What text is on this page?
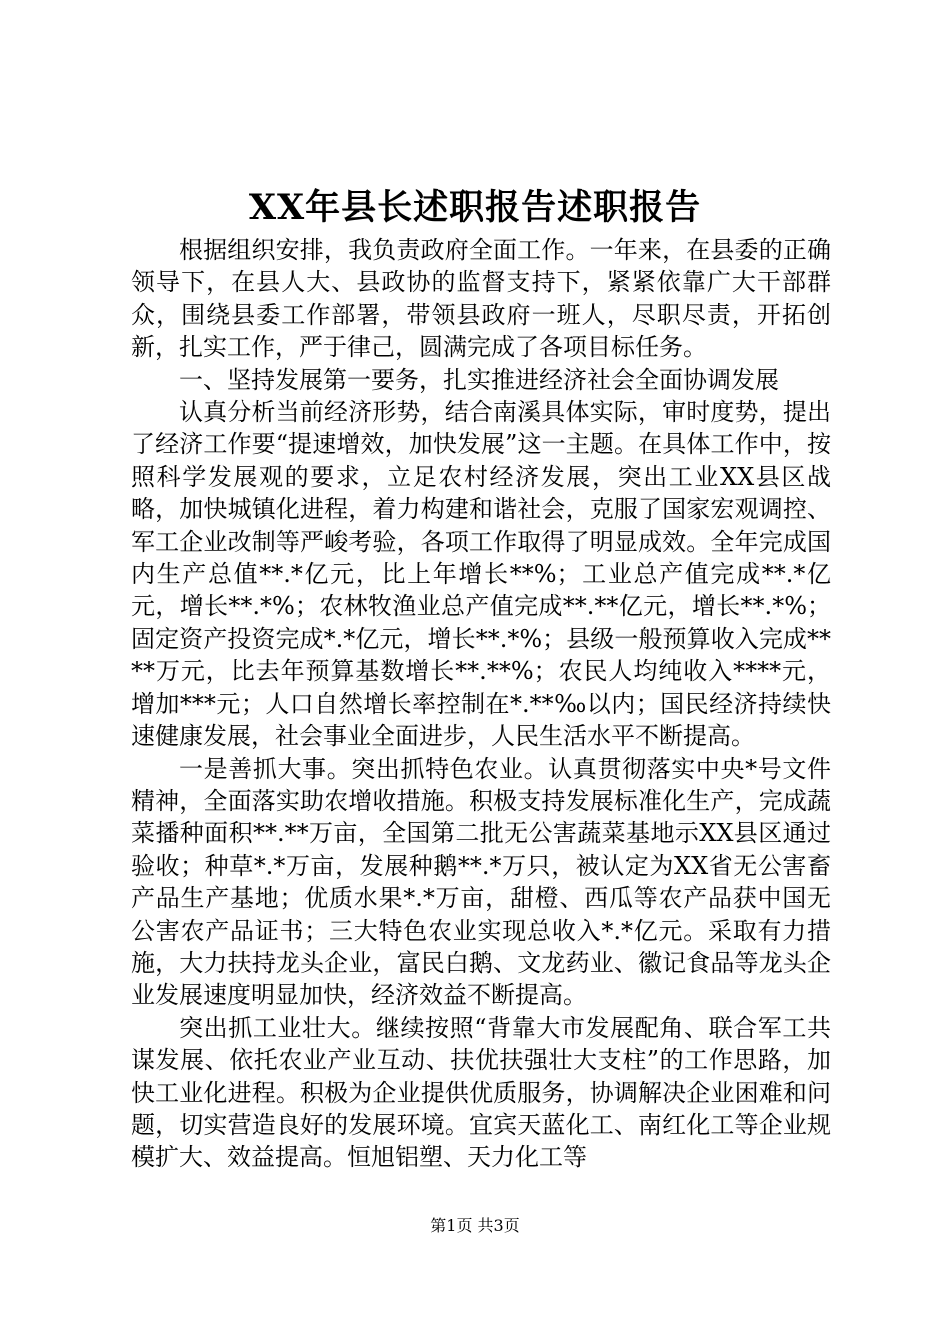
XX年县长述职报告述职报告

根据组织安排，我负责政府全面工作。一年来，在县委的正确领导下，在县人大、县政协的监督支持下，紧紧依靠广大干部群众，围绕县委工作部署，带领县政府一班人，尽职尽责，开拓创新，扎实工作，严于律己，圆满完成了各项目标任务。

一、坚持发展第一要务，扎实推进经济社会全面协调发展

认真分析当前经济形势，结合南溪具体实际，审时度势，提出了经济工作要“提速增效，加快发展”这一主题。在具体工作中，按照科学发展观的要求，立足农村经济发展，突出工业XX县区战略，加快城镇化进程，着力构建和谐社会，克服了国家宏观调控、军工企业改制等严峻考验，各项工作取得了明显成效。全年完成国内生产总值**.*亿元，比上年增长**%；工业总产值完成**.*亿元，增长**.*%；农林牧渔业总产值完成**.**亿元，增长**.*%；固定资产投资完成*.*亿元，增长**.*%；县级一般预算收入完成****万元，比去年预算基数增长**.**%；农民人均纯收入****元，增加***元；人口自然增长率控制在*.**‰以内；国民经济持续快速健康发展，社会事业全面进步，人民生活水平不断提高。

一是善抓大事。突出抓特色农业。认真贯彻落实中央*号文件精神，全面落实助农增收措施。积极支持发展标准化生产，完成蔬菜播种面积**.**万亩，全国第二批无公害蔬菜基地示XX县区通过验收；种草*.*万亩，发展种鹅**.*万只，被认定为XX省无公害畜产品生产基地；优质水果*.*万亩，甜橙、西瓜等农产品获中国无公害农产品证书；三大特色农业实现总收入*.*亿元。采取有力措施，大力扶持龙头企业，富民白鹅、文龙药业、徽记食品等龙头企业发展速度明显加快，经济效益不断提高。

突出抓工业壮大。继续按照“背靠大市发展配角、联合军工共谋发展、依托农业产业互动、扶优扶强壮大支柱”的工作思路，加快工业化进程。积极为企业提供优质服务，协调解决企业困难和问题，切实营造良好的发展环境。宜宾天蓝化工、南红化工等企业规模扩大、效益提高。恒旭铝塑、天力化工等

第1页 共3页
